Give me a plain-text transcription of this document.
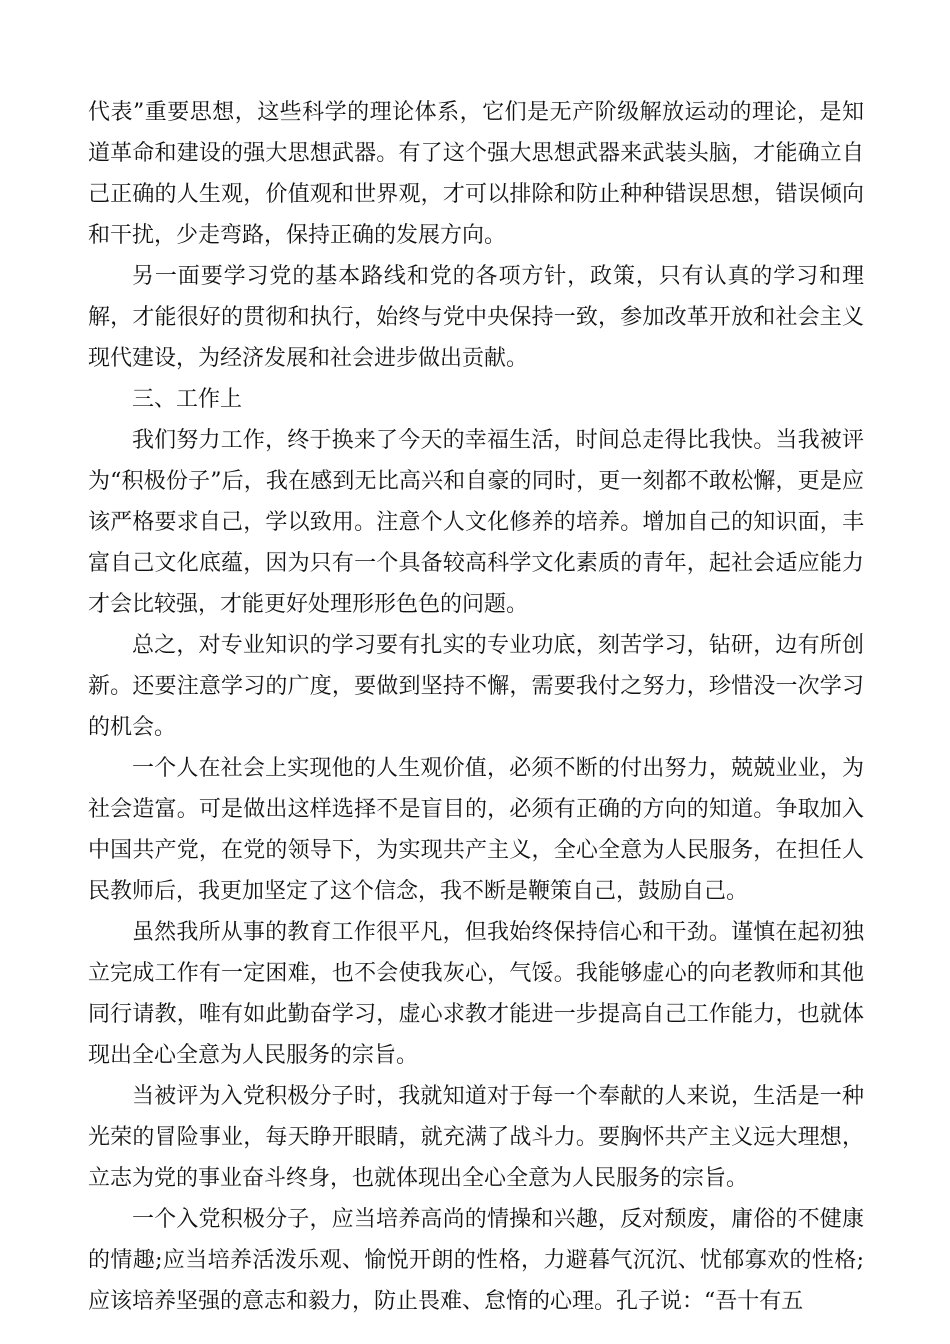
代表”重要思想，这些科学的理论体系，它们是无产阶级解放运动的理论，是知道革命和建设的强大思想武器。有了这个强大思想武器来武装头脑，才能确立自己正确的人生观，价值观和世界观，才可以排除和防止种种错误思想，错误倾向和干扰，少走弯路，保持正确的发展方向。

另一面要学习党的基本路线和党的各项方针，政策，只有认真的学习和理解，才能很好的贯彻和执行，始终与党中央保持一致，参加改革开放和社会主义现代建设，为经济发展和社会进步做出贡献。

三、工作上

我们努力工作，终于换来了今天的幸福生活，时间总走得比我快。当我被评为“积极份子”后，我在感到无比高兴和自豪的同时，更一刻都不敢松懈，更是应该严格要求自己，学以致用。注意个人文化修养的培养。增加自己的知识面，丰富自己文化底蕴，因为只有一个具备较高科学文化素质的青年，起社会适应能力才会比较强，才能更好处理形形色色的问题。

总之，对专业知识的学习要有扎实的专业功底，刻苦学习，钻研，边有所创新。还要注意学习的广度，要做到坚持不懈，需要我付之努力，珍惜没一次学习的机会。

一个人在社会上实现他的人生观价值，必须不断的付出努力，兢兢业业，为社会造富。可是做出这样选择不是盲目的，必须有正确的方向的知道。争取加入中国共产党，在党的领导下，为实现共产主义，全心全意为人民服务，在担任人民教师后，我更加坚定了这个信念，我不断是鞭策自己，鼓励自己。

虽然我所从事的教育工作很平凡，但我始终保持信心和干劲。谨慎在起初独立完成工作有一定困难，也不会使我灰心，气馁。我能够虚心的向老教师和其他同行请教，唯有如此勤奋学习，虚心求教才能进一步提高自己工作能力，也就体现出全心全意为人民服务的宗旨。

当被评为入党积极分子时，我就知道对于每一个奉献的人来说，生活是一种光荣的冒险事业，每天睁开眼睛，就充满了战斗力。要胸怀共产主义远大理想，立志为党的事业奋斗终身，也就体现出全心全意为人民服务的宗旨。

一个入党积极分子，应当培养高尚的情操和兴趣，反对颓废，庸俗的不健康的情趣;应当培养活泼乐观、愉悦开朗的性格，力避暮气沉沉、忧郁寡欢的性格;应该培养坚强的意志和毅力，防止畏难、怠惰的心理。孔子说：“吾十有五
